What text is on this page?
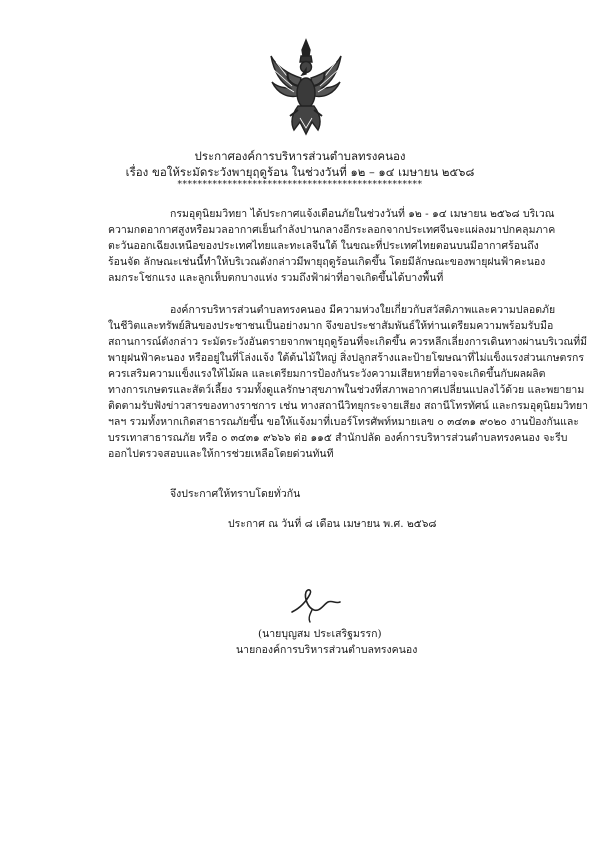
ประกาศองค์การบริหารส่วนตำบลทรงคนอง
เรื่อง ขอให้ระมัดระวังพายุฤดูร้อน ในช่วงวันที่ ๑๒ – ๑๔ เมษายน ๒๕๖๘
*************************************************
กรมอุตุนิยมวิทยา ได้ประกาศแจ้งเตือนภัยในช่วงวันที่ ๑๒ - ๑๔ เมษายน ๒๕๖๘ บริเวณ
ความกดอากาศสูงหรือมวลอากาศเย็นกำลังปานกลางอีกระลอกจากประเทศจีนจะแผ่ลงมาปกคลุมภาค
ตะวันออกเฉียงเหนือของประเทศไทยและทะเลจีนใต้ ในขณะที่ประเทศไทยตอนบนมีอากาศร้อนถึง
ร้อนจัด ลักษณะเช่นนี้ทำให้บริเวณดังกล่าวมีพายุฤดูร้อนเกิดขึ้น โดยมีลักษณะของพายุฝนฟ้าคะนอง
ลมกระโชกแรง และลูกเห็บตกบางแห่ง รวมถึงฟ้าผ่าที่อาจเกิดขึ้นได้บางพื้นที่
องค์การบริหารส่วนตำบลทรงคนอง มีความห่วงใยเกี่ยวกับสวัสดิภาพและความปลอดภัย
ในชีวิตและทรัพย์สินของประชาชนเป็นอย่างมาก จึงขอประชาสัมพันธ์ให้ท่านเตรียมความพร้อมรับมือ
สถานการณ์ดังกล่าว ระมัดระวังอันตรายจากพายุฤดูร้อนที่จะเกิดขึ้น ควรหลีกเลี่ยงการเดินทางผ่านบริเวณที่มี
พายุฝนฟ้าคะนอง หรืออยู่ในที่โล่งแจ้ง ใต้ต้นไม้ใหญ่ สิ่งปลูกสร้างและป้ายโฆษณาที่ไม่แข็งแรงส่วนเกษตรกร
ควรเสริมความแข็งแรงให้ไม้ผล และเตรียมการป้องกันระวังความเสียหายที่อาจจะเกิดขึ้นกับผลผลิต
ทางการเกษตรและสัตว์เลี้ยง รวมทั้งดูแลรักษาสุขภาพในช่วงที่สภาพอากาศเปลี่ยนแปลงไว้ด้วย และพยายาม
ติดตามรับฟังข่าวสารของทางราชการ เช่น ทางสถานีวิทยุกระจายเสียง สถานีโทรทัศน์ และกรมอุตุนิยมวิทยา
ฯลฯ รวมทั้งหากเกิดสาธารณภัยขึ้น ขอให้แจ้งมาที่เบอร์โทรศัพท์หมายเลข ๐ ๓๔๓๑ ๙๐๒๐ งานป้องกันและ
บรรเทาสาธารณภัย หรือ ๐ ๓๔๓๑ ๙๖๖๖ ต่อ ๑๑๕ สำนักปลัด องค์การบริหารส่วนตำบลทรงคนอง จะรีบ
ออกไปตรวจสอบและให้การช่วยเหลือโดยด่วนทันที
จึงประกาศให้ทราบโดยทั่วกัน
ประกาศ ณ วันที่ ๘ เดือน เมษายน พ.ศ. ๒๕๖๘
(นายบุญสม ประเสริฐมรรก)
นายกองค์การบริหารส่วนตำบลทรงคนอง
